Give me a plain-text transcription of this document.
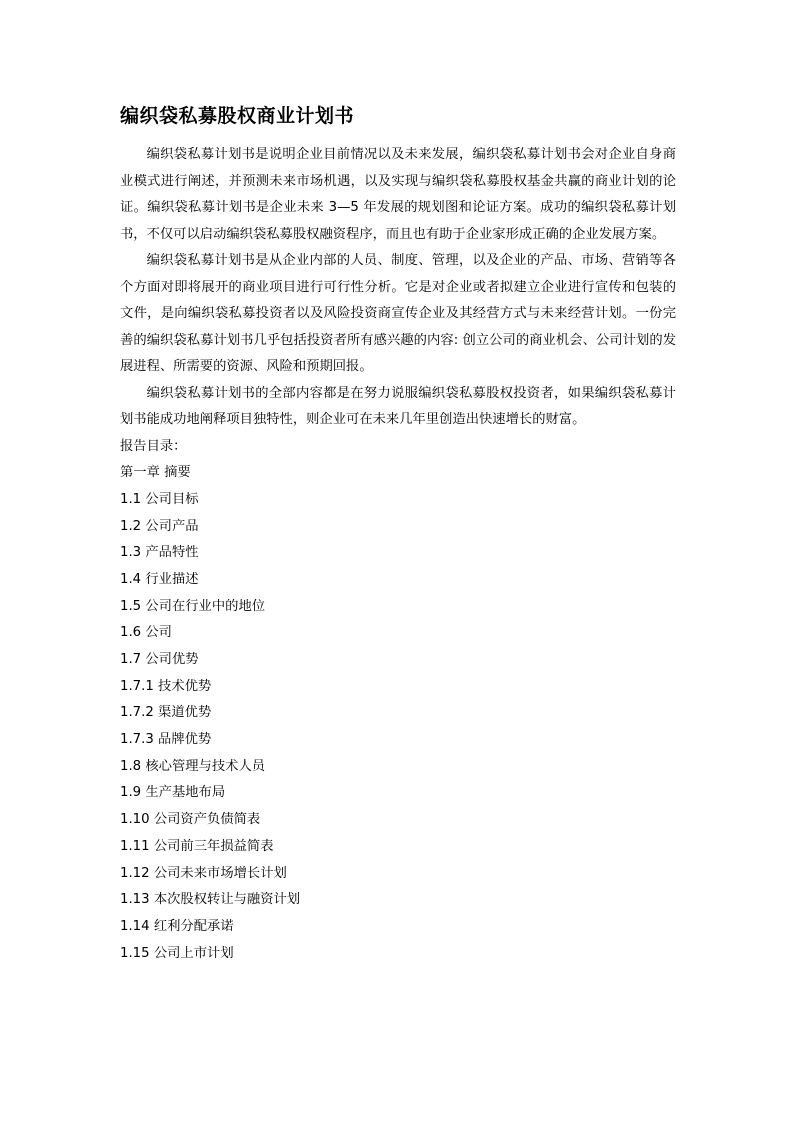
编织袋私募股权商业计划书

编织袋私募计划书是说明企业目前情况以及未来发展，编织袋私募计划书会对企业自身商业模式进行阐述，并预测未来市场机遇，以及实现与编织袋私募股权基金共赢的商业计划的论证。编织袋私募计划书是企业未来 3—5 年发展的规划图和论证方案。成功的编织袋私募计划书，不仅可以启动编织袋私募股权融资程序，而且也有助于企业家形成正确的企业发展方案。

编织袋私募计划书是从企业内部的人员、制度、管理，以及企业的产品、市场、营销等各个方面对即将展开的商业项目进行可行性分析。它是对企业或者拟建立企业进行宣传和包装的文件，是向编织袋私募投资者以及风险投资商宣传企业及其经营方式与未来经营计划。一份完善的编织袋私募计划书几乎包括投资者所有感兴趣的内容: 创立公司的商业机会、公司计划的发展进程、所需要的资源、风险和预期回报。

编织袋私募计划书的全部内容都是在努力说服编织袋私募股权投资者，如果编织袋私募计划书能成功地阐释项目独特性，则企业可在未来几年里创造出快速增长的财富。

报告目录：

第一章 摘要

1.1 公司目标
1.2 公司产品
1.3 产品特性
1.4 行业描述
1.5 公司在行业中的地位
1.6 公司
1.7 公司优势
1.7.1 技术优势
1.7.2 渠道优势
1.7.3 品牌优势
1.8 核心管理与技术人员
1.9 生产基地布局
1.10 公司资产负债简表
1.11 公司前三年损益简表
1.12 公司未来市场增长计划
1.13 本次股权转让与融资计划
1.14 红利分配承诺
1.15 公司上市计划
